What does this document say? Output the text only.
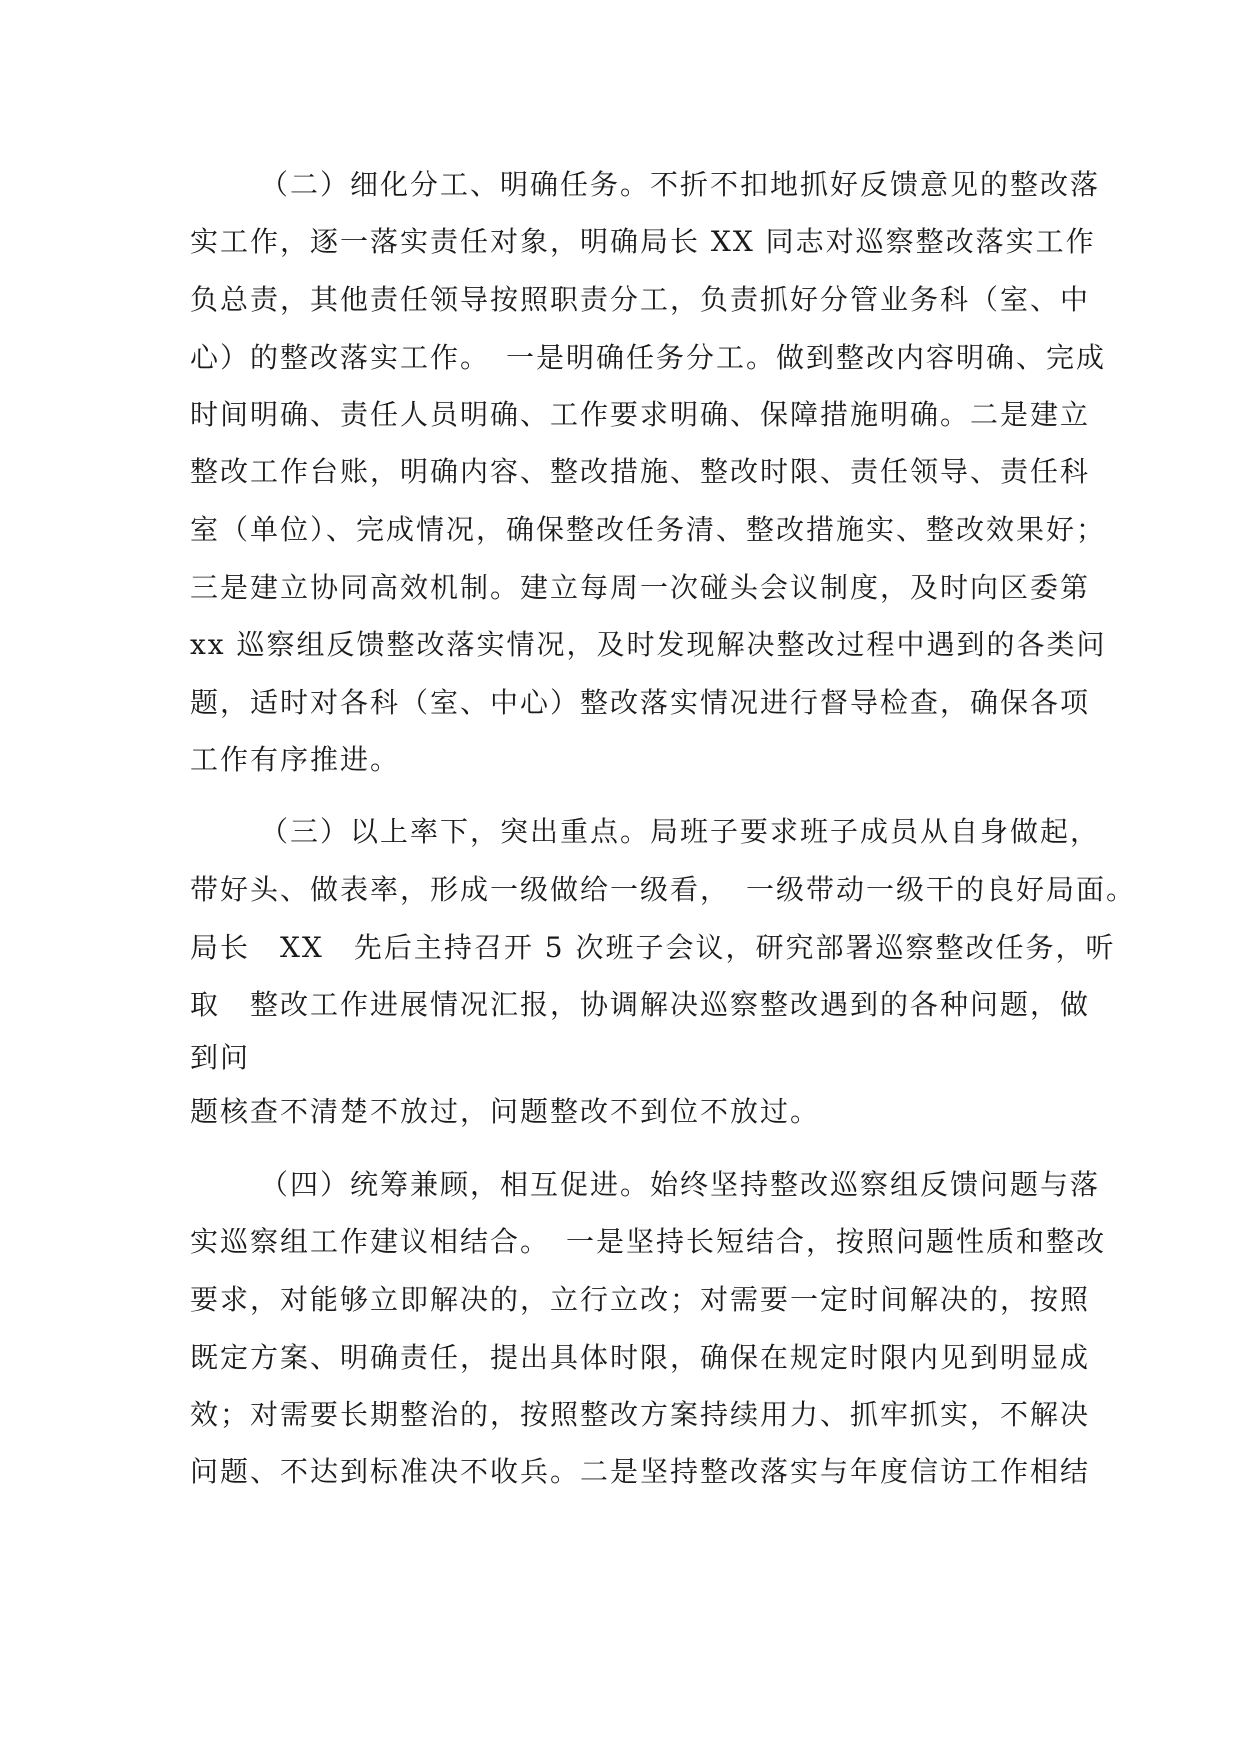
（二）细化分工、明确任务。不折不扣地抓好反馈意见的整改落
实工作，逐一落实责任对象，明确局长 XX 同志对巡察整改落实工作
负总责，其他责任领导按照职责分工，负责抓好分管业务科（室、中
心）的整改落实工作。　一是明确任务分工。做到整改内容明确、完成
时间明确、责任人员明确、工作要求明确、保障措施明确。二是建立
整改工作台账，明确内容、整改措施、整改时限、责任领导、责任科
室（单位）、完成情况，确保整改任务清、整改措施实、整改效果好；
三是建立协同高效机制。建立每周一次碰头会议制度，及时向区委第
xx 巡察组反馈整改落实情况，及时发现解决整改过程中遇到的各类问
题，适时对各科（室、中心）整改落实情况进行督导检查，确保各项
工作有序推进。
（三）以上率下，突出重点。局班子要求班子成员从自身做起，
带好头、做表率，形成一级做给一级看，　一级带动一级干的良好局面。
局长　XX　先后主持召开 5 次班子会议，研究部署巡察整改任务，听
取　整改工作进展情况汇报，协调解决巡察整改遇到的各种问题，做
到问
题核查不清楚不放过，问题整改不到位不放过。
（四）统筹兼顾，相互促进。始终坚持整改巡察组反馈问题与落
实巡察组工作建议相结合。　一是坚持长短结合，按照问题性质和整改
要求，对能够立即解决的，立行立改；对需要一定时间解决的，按照
既定方案、明确责任，提出具体时限，确保在规定时限内见到明显成
效；对需要长期整治的，按照整改方案持续用力、抓牢抓实，不解决
问题、不达到标准决不收兵。二是坚持整改落实与年度信访工作相结
